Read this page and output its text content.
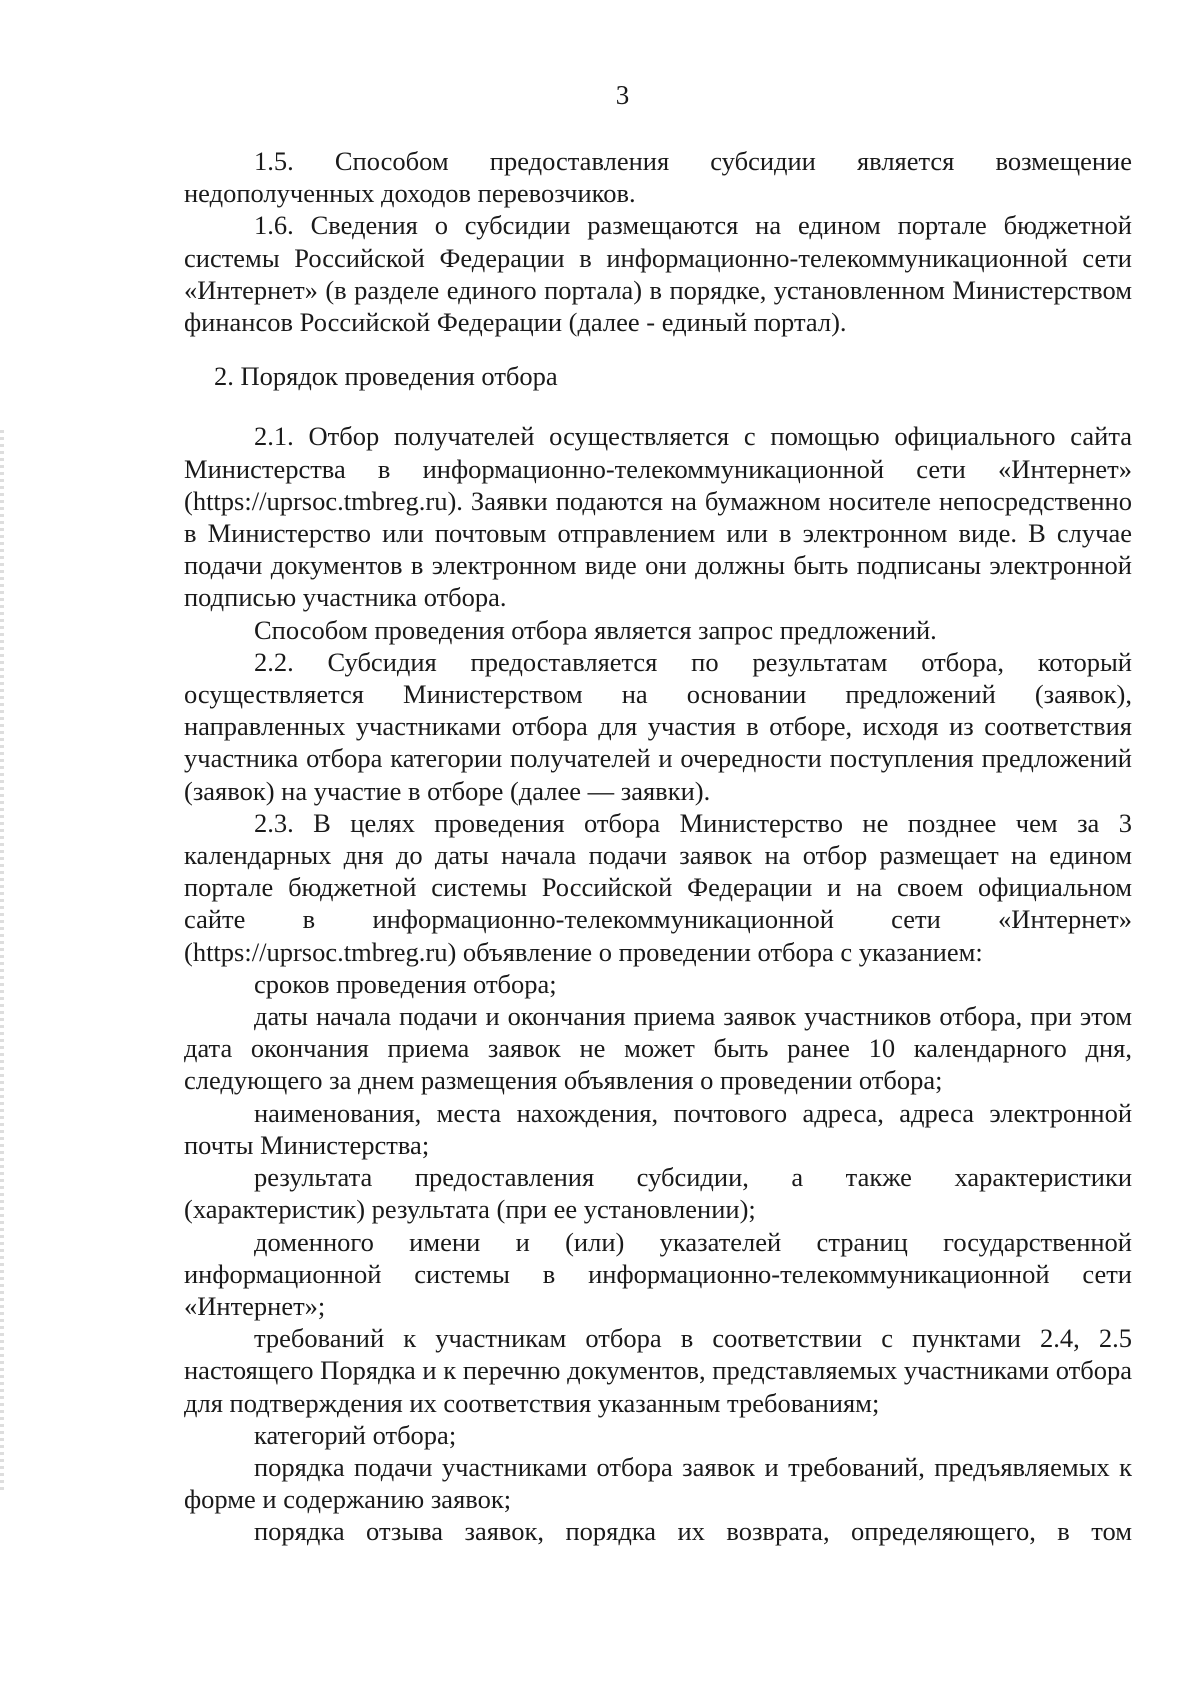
3

1.5. Способом предоставления субсидии является возмещение недополученных доходов перевозчиков.

1.6. Сведения о субсидии размещаются на едином портале бюджетной системы Российской Федерации в информационно-телекоммуникационной сети «Интернет» (в разделе единого портала) в порядке, установленном Министерством финансов Российской Федерации (далее - единый портал).

2. Порядок проведения отбора

2.1. Отбор получателей осуществляется с помощью официального сайта Министерства в информационно-телекоммуникационной сети «Интернет» (https://uprsoc.tmbreg.ru). Заявки подаются на бумажном носителе непосредственно в Министерство или почтовым отправлением или в электронном виде. В случае подачи документов в электронном виде они должны быть подписаны электронной подписью участника отбора.

Способом проведения отбора является запрос предложений.

2.2. Субсидия предоставляется по результатам отбора, который осуществляется Министерством на основании предложений (заявок), направленных участниками отбора для участия в отборе, исходя из соответствия участника отбора категории получателей и очередности поступления предложений (заявок) на участие в отборе (далее — заявки).

2.3. В целях проведения отбора Министерство не позднее чем за 3 календарных дня до даты начала подачи заявок на отбор размещает на едином портале бюджетной системы Российской Федерации и на своем официальном сайте в информационно-телекоммуникационной сети «Интернет» (https://uprsoc.tmbreg.ru) объявление о проведении отбора с указанием:

сроков проведения отбора;

даты начала подачи и окончания приема заявок участников отбора, при этом дата окончания приема заявок не может быть ранее 10 календарного дня, следующего за днем размещения объявления о проведении отбора;

наименования, места нахождения, почтового адреса, адреса электронной почты Министерства;

результата предоставления субсидии, а также характеристики (характеристик) результата (при ее установлении);

доменного имени и (или) указателей страниц государственной информационной системы в информационно-телекоммуникационной сети «Интернет»;

требований к участникам отбора в соответствии с пунктами 2.4, 2.5 настоящего Порядка и к перечню документов, представляемых участниками отбора для подтверждения их соответствия указанным требованиям;

категорий отбора;

порядка подачи участниками отбора заявок и требований, предъявляемых к форме и содержанию заявок;

порядка отзыва заявок, порядка их возврата, определяющего, в том
